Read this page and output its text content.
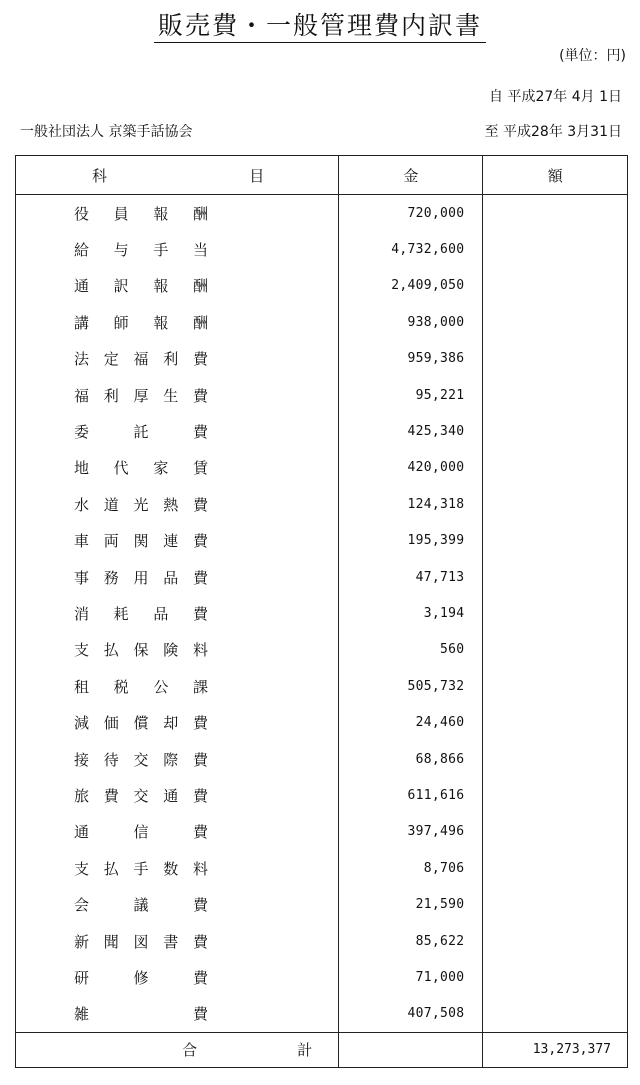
販売費・一般管理費内訳書
(単位：円)
自 平成27年 4月 1日
一般社団法人 京築手話協会	至 平成28年 3月31日
科 目	金	額

役 員 報 酬	720,000	

給 与 手 当	4,732,600	

通 訳 報 酬	2,409,050	

講 師 報 酬	938,000	

法 定 福 利 費	959,386	

福 利 厚 生 費	95,221	

委 託 費	425,340	

地 代 家 賃	420,000	

水 道 光 熱 費	124,318	

車 両 関 連 費	195,399	

事 務 用 品 費	47,713	

消 耗 品 費	3,194	

支 払 保 険 料	560	

租 税 公 課	505,732	

減 価 償 却 費	24,460	

接 待 交 際 費	68,866	

旅 費 交 通 費	611,616	

通 信 費	397,496	

支 払 手 数 料	8,706	

会 議 費	21,590	

新 聞 図 書 費	85,622	

研 修 費	71,000	

雑 費	407,508	

合 計		13,273,377
